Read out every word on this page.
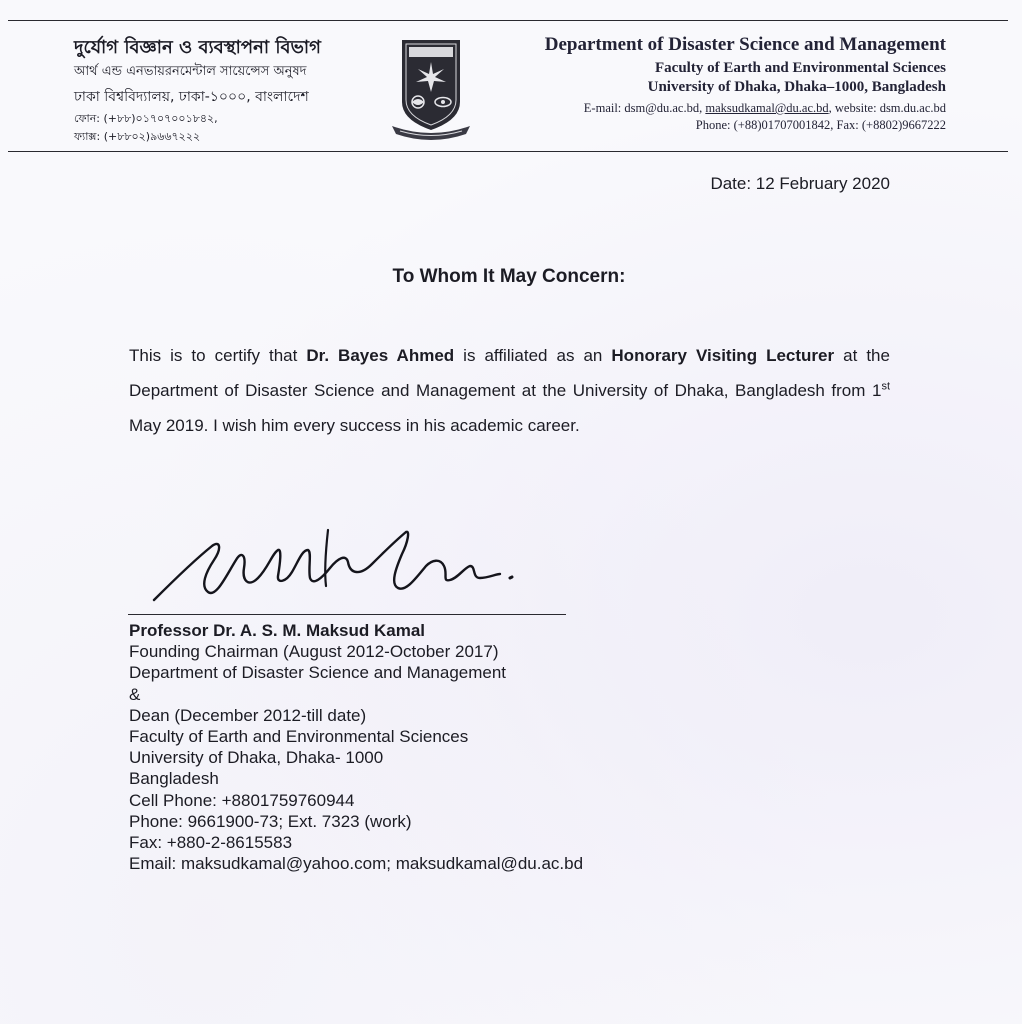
দুর্যোগ বিজ্ঞান ও ব্যবস্থাপনা বিভাগ
আর্থ এন্ড এনভায়রনমেন্টাল সায়েন্সেস অনুষদ
ঢাকা বিশ্ববিদ্যালয়, ঢাকা-১০০০, বাংলাদেশ
ফোন: (+৮৮)০১৭০৭০০১৮৪২,
ফ্যাক্স: (+৮৮০২)৯৬৬৭২২২
Department of Disaster Science and Management
Faculty of Earth and Environmental Sciences
University of Dhaka, Dhaka–1000, Bangladesh
E-mail: dsm@du.ac.bd, maksudkamal@du.ac.bd, website: dsm.du.ac.bd
Phone: (+88)01707001842, Fax: (+8802)9667222
Date: 12 February 2020
To Whom It May Concern:
This is to certify that Dr. Bayes Ahmed is affiliated as an Honorary Visiting Lecturer at the Department of Disaster Science and Management at the University of Dhaka, Bangladesh from 1st May 2019. I wish him every success in his academic career.
Professor Dr. A. S. M. Maksud Kamal
Founding Chairman (August 2012-October 2017)
Department of Disaster Science and Management
&
Dean (December 2012-till date)
Faculty of Earth and Environmental Sciences
University of Dhaka, Dhaka- 1000
Bangladesh
Cell Phone: +8801759760944
Phone: 9661900-73; Ext. 7323 (work)
Fax: +880-2-8615583
Email: maksudkamal@yahoo.com; maksudkamal@du.ac.bd
